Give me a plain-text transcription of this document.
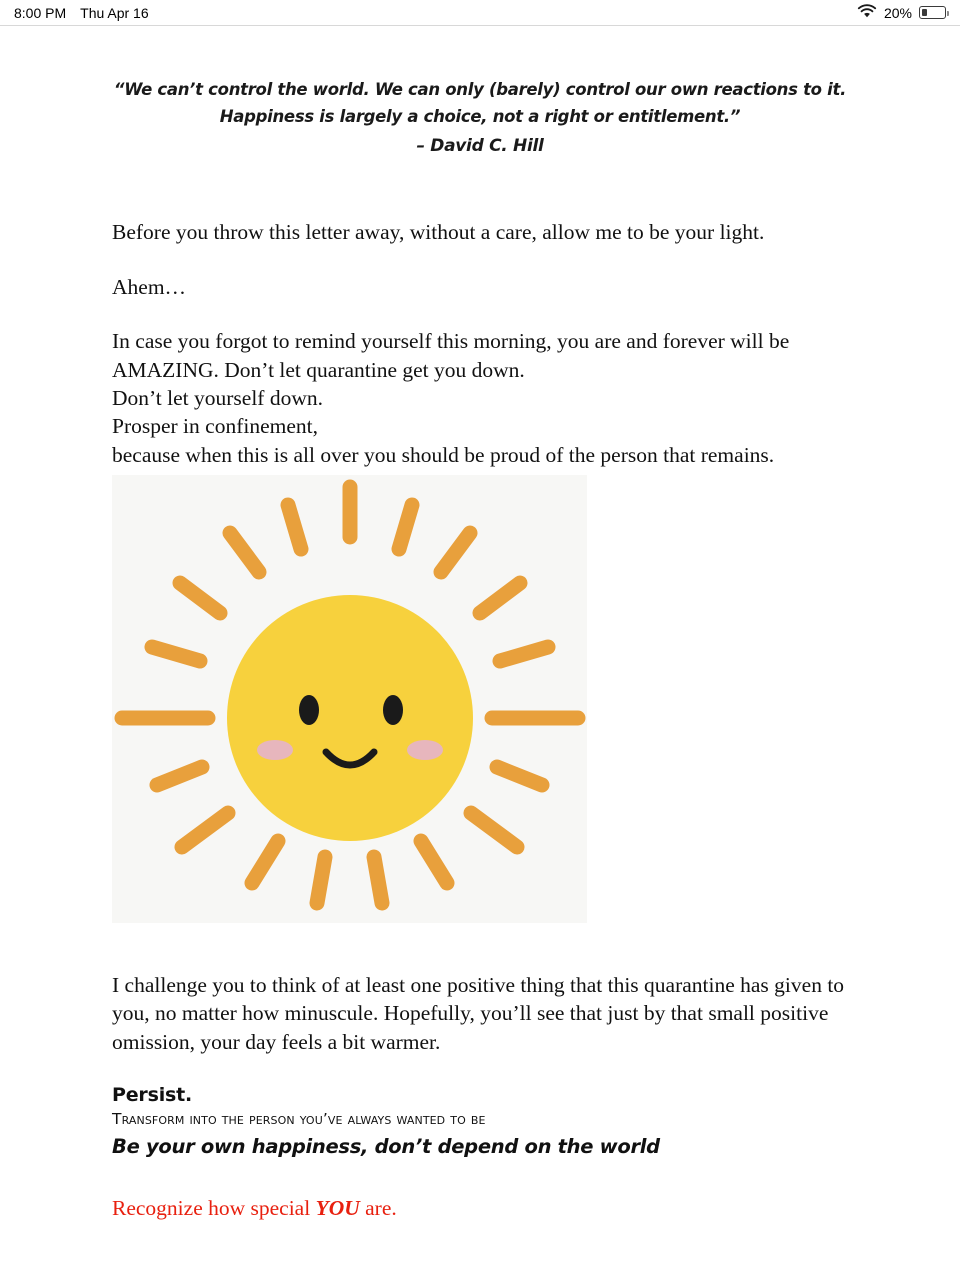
8:00 PM Thu Apr 16	20%
“We can’t control the world. We can only (barely) control our own reactions to it. Happiness is largely a choice, not a right or entitlement.”
– David C. Hill
Before you throw this letter away, without a care, allow me to be your light.
Ahem…
In case you forgot to remind yourself this morning, you are and forever will be AMAZING. Don’t let quarantine get you down.
Don’t let yourself down.
Prosper in confinement,
because when this is all over you should be proud of the person that remains.
I challenge you to think of at least one positive thing that this quarantine has given to you, no matter how minuscule. Hopefully, you’ll see that just by that small positive omission, your day feels a bit warmer.
Persist.
Transform into the person you’ve always wanted to be
Be your own happiness, don’t depend on the world
Recognize how special YOU are.
